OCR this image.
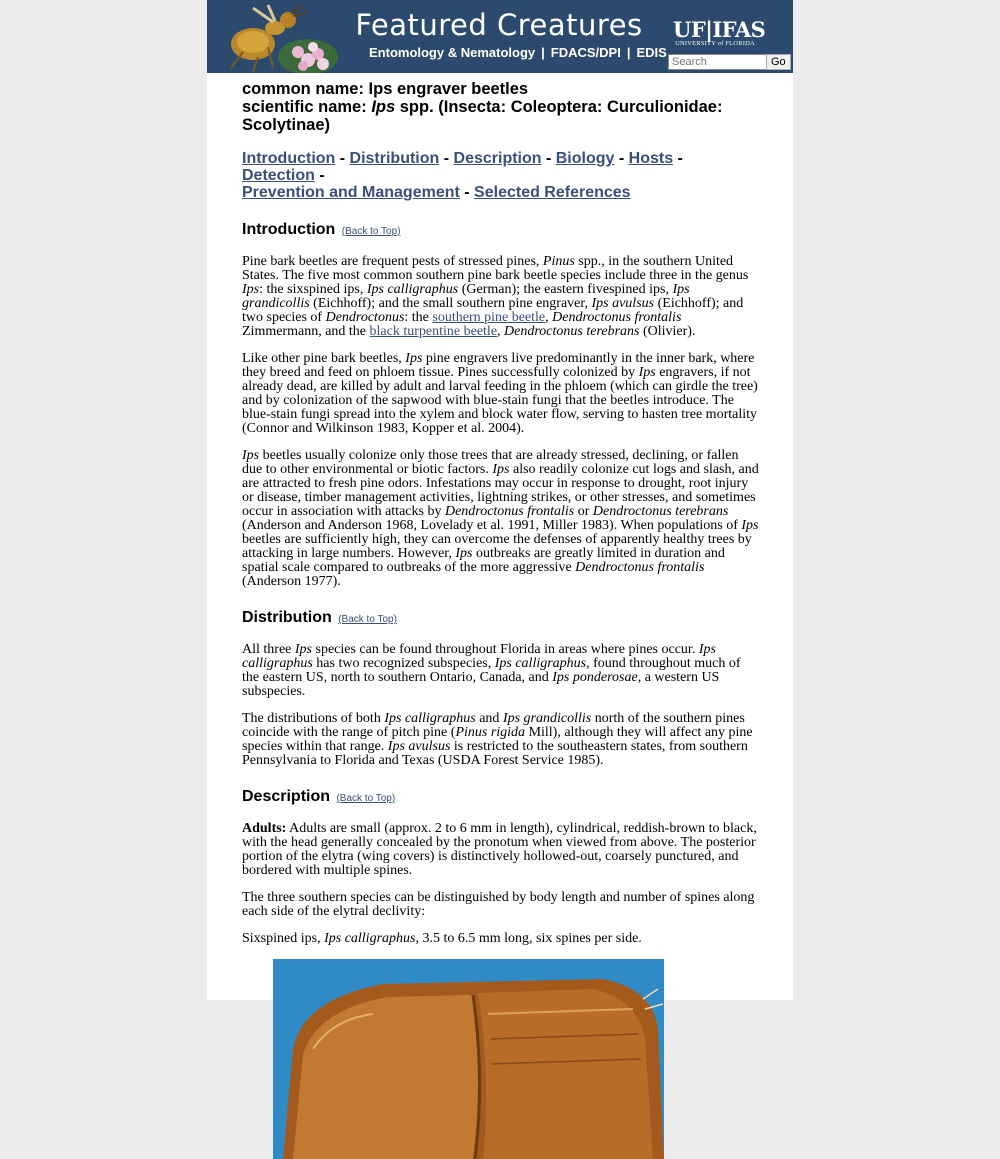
Featured Creatures
Entomology & Nematology | FDACS/DPI | EDIS
UF|IFAS
UNIVERSITY of FLORIDA
Search
Go
common name: Ips engraver beetles
scientific name: Ips spp. (Insecta: Coleoptera: Curculionidae: Scolytinae)
Introduction - Distribution - Description - Biology - Hosts - Detection -
Prevention and Management - Selected References
Introduction (Back to Top)

Pine bark beetles are frequent pests of stressed pines, Pinus spp., in the southern United States. The five most common southern pine bark beetle species include three in the genus Ips: the sixspined ips, Ips calligraphus (German); the eastern fivespined ips, Ips grandicollis (Eichhoff); and the small southern pine engraver, Ips avulsus (Eichhoff); and two species of Dendroctonus: the southern pine beetle, Dendroctonus frontalis Zimmermann, and the black turpentine beetle, Dendroctonus terebrans (Olivier).

Like other pine bark beetles, Ips pine engravers live predominantly in the inner bark, where they breed and feed on phloem tissue. Pines successfully colonized by Ips engravers, if not already dead, are killed by adult and larval feeding in the phloem (which can girdle the tree) and by colonization of the sapwood with blue-stain fungi that the beetles introduce. The blue-stain fungi spread into the xylem and block water flow, serving to hasten tree mortality (Connor and Wilkinson 1983, Kopper et al. 2004).

Ips beetles usually colonize only those trees that are already stressed, declining, or fallen due to other environmental or biotic factors. Ips also readily colonize cut logs and slash, and are attracted to fresh pine odors. Infestations may occur in response to drought, root injury or disease, timber management activities, lightning strikes, or other stresses, and sometimes occur in association with attacks by Dendroctonus frontalis or Dendroctonus terebrans (Anderson and Anderson 1968, Lovelady et al. 1991, Miller 1983). When populations of Ips beetles are sufficiently high, they can overcome the defenses of apparently healthy trees by attacking in large numbers. However, Ips outbreaks are greatly limited in duration and spatial scale compared to outbreaks of the more aggressive Dendroctonus frontalis (Anderson 1977).

Distribution (Back to Top)

All three Ips species can be found throughout Florida in areas where pines occur. Ips calligraphus has two recognized subspecies, Ips calligraphus, found throughout much of the eastern US, north to southern Ontario, Canada, and Ips ponderosae, a western US subspecies.

The distributions of both Ips calligraphus and Ips grandicollis north of the southern pines coincide with the range of pitch pine (Pinus rigida Mill), although they will affect any pine species within that range. Ips avulsus is restricted to the southeastern states, from southern Pennsylvania to Florida and Texas (USDA Forest Service 1985).

Description (Back to Top)

Adults: Adults are small (approx. 2 to 6 mm in length), cylindrical, reddish-brown to black, with the head generally concealed by the pronotum when viewed from above. The posterior portion of the elytra (wing covers) is distinctively hollowed-out, coarsely punctured, and bordered with multiple spines.

The three southern species can be distinguished by body length and number of spines along each side of the elytral declivity:

Sixspined ips, Ips calligraphus, 3.5 to 6.5 mm long, six spines per side.
